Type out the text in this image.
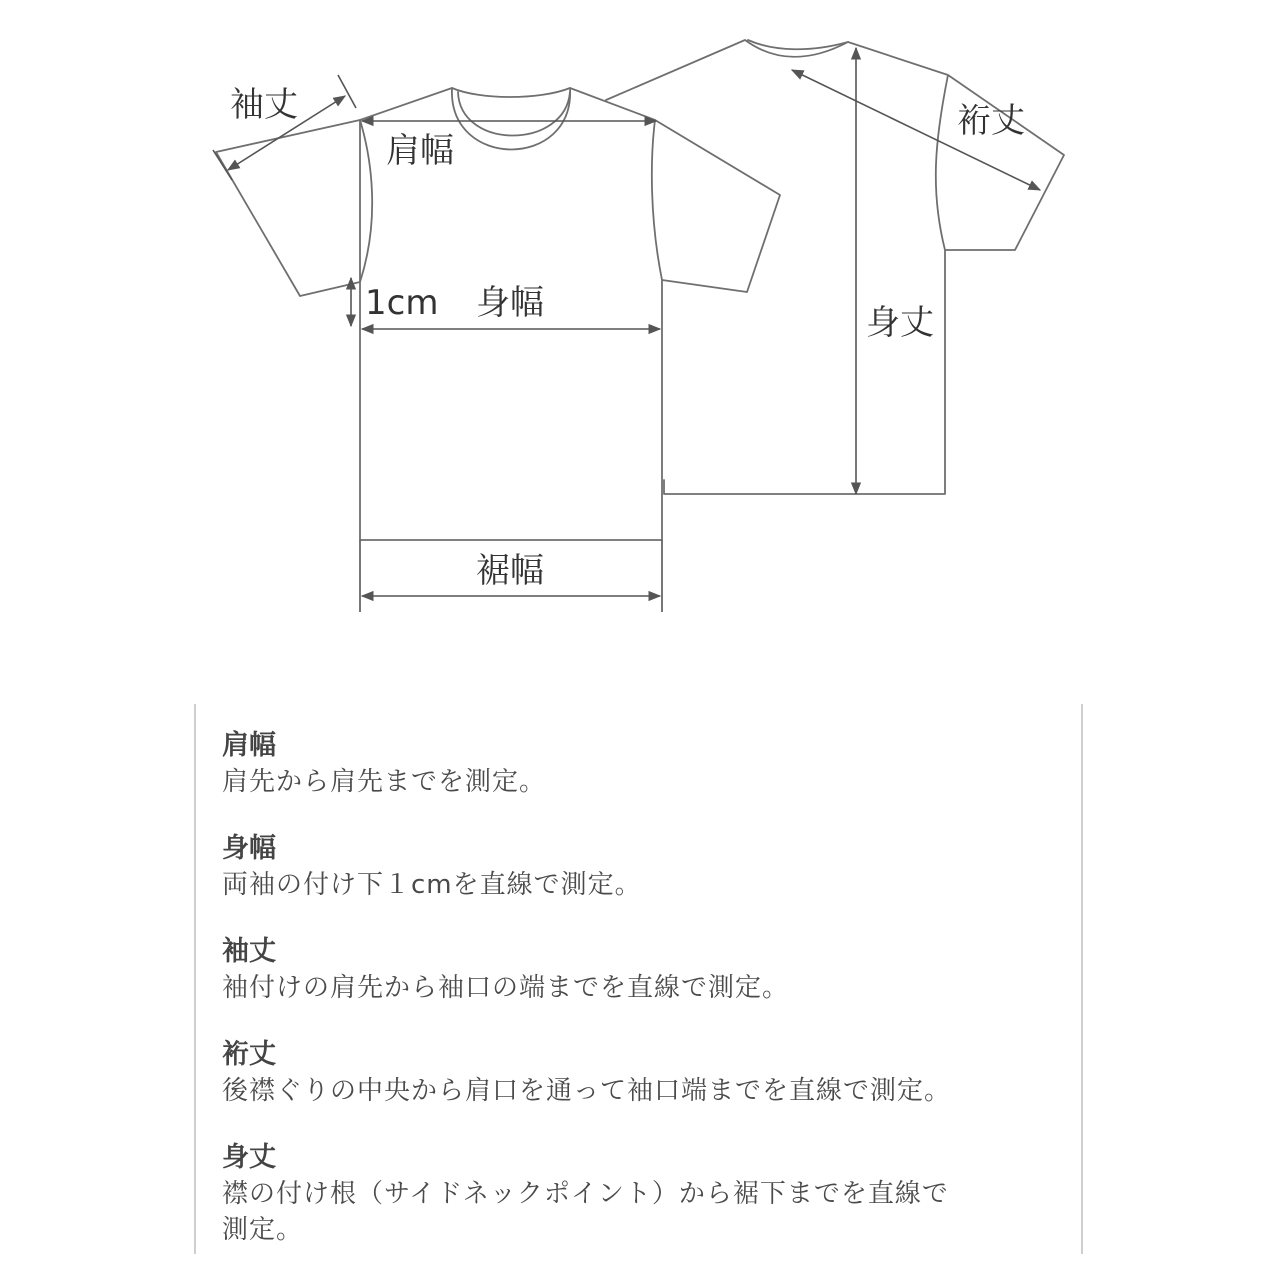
袖丈
肩幅
1cm 身幅
裾幅
裄丈
身丈
肩幅
肩先から肩先までを測定。
身幅
両袖の付け下１cmを直線で測定。
袖丈
袖付けの肩先から袖口の端までを直線で測定。
裄丈
後襟ぐりの中央から肩口を通って袖口端までを直線で測定。
身丈
襟の付け根（サイドネックポイント）から裾下までを直線で
測定。
